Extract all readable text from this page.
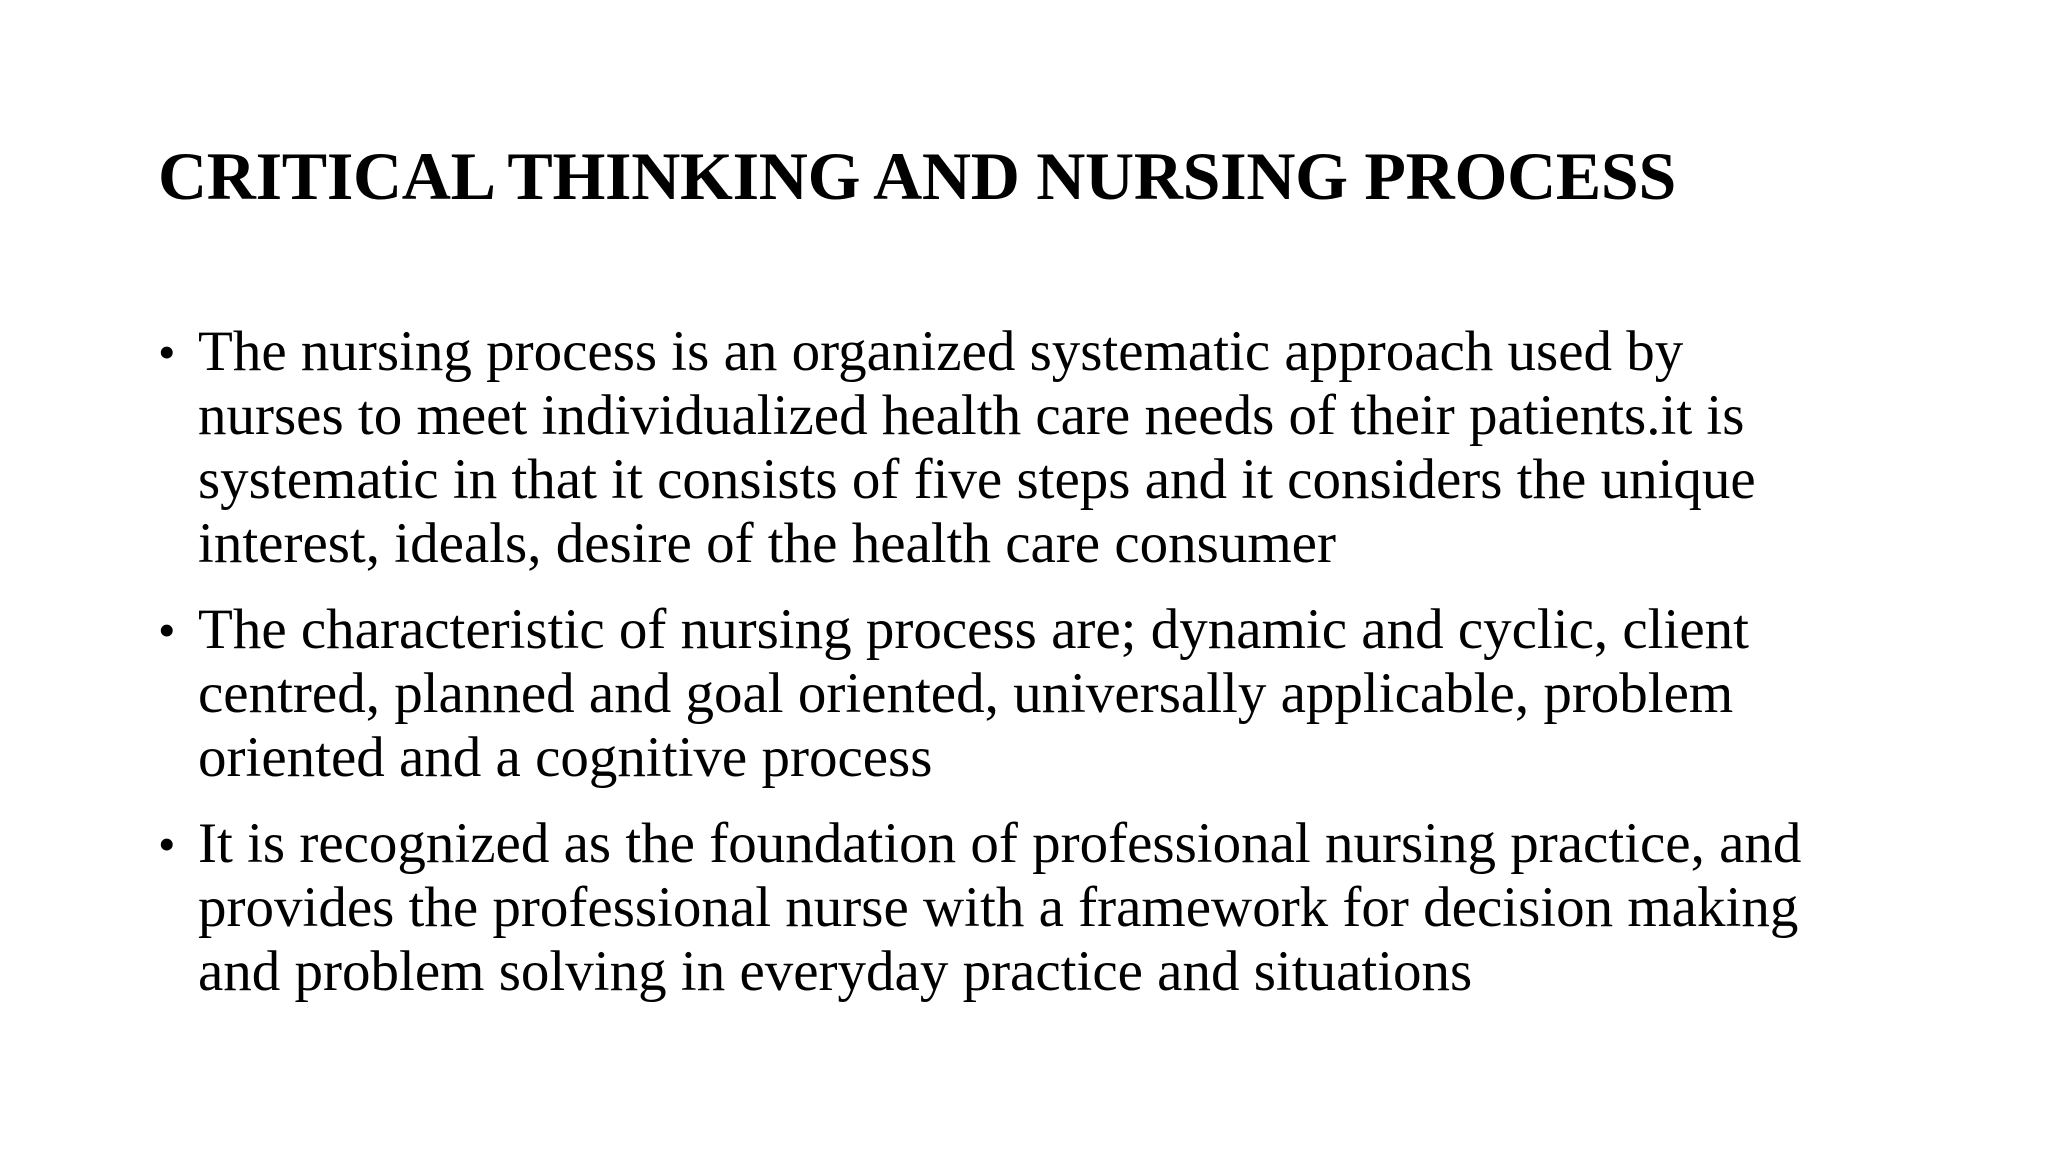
CRITICAL THINKING AND NURSING PROCESS
• The nursing process is an organized systematic approach used by
nurses to meet individualized health care needs of their patients.it is
systematic in that it consists of five steps and it considers the unique
interest, ideals, desire of the health care consumer
• The characteristic of nursing process are; dynamic and cyclic, client
centred, planned and goal oriented, universally applicable, problem
oriented and a cognitive process
• It is recognized as the foundation of professional nursing practice, and
provides the professional nurse with a framework for decision making
and problem solving in everyday practice and situations
